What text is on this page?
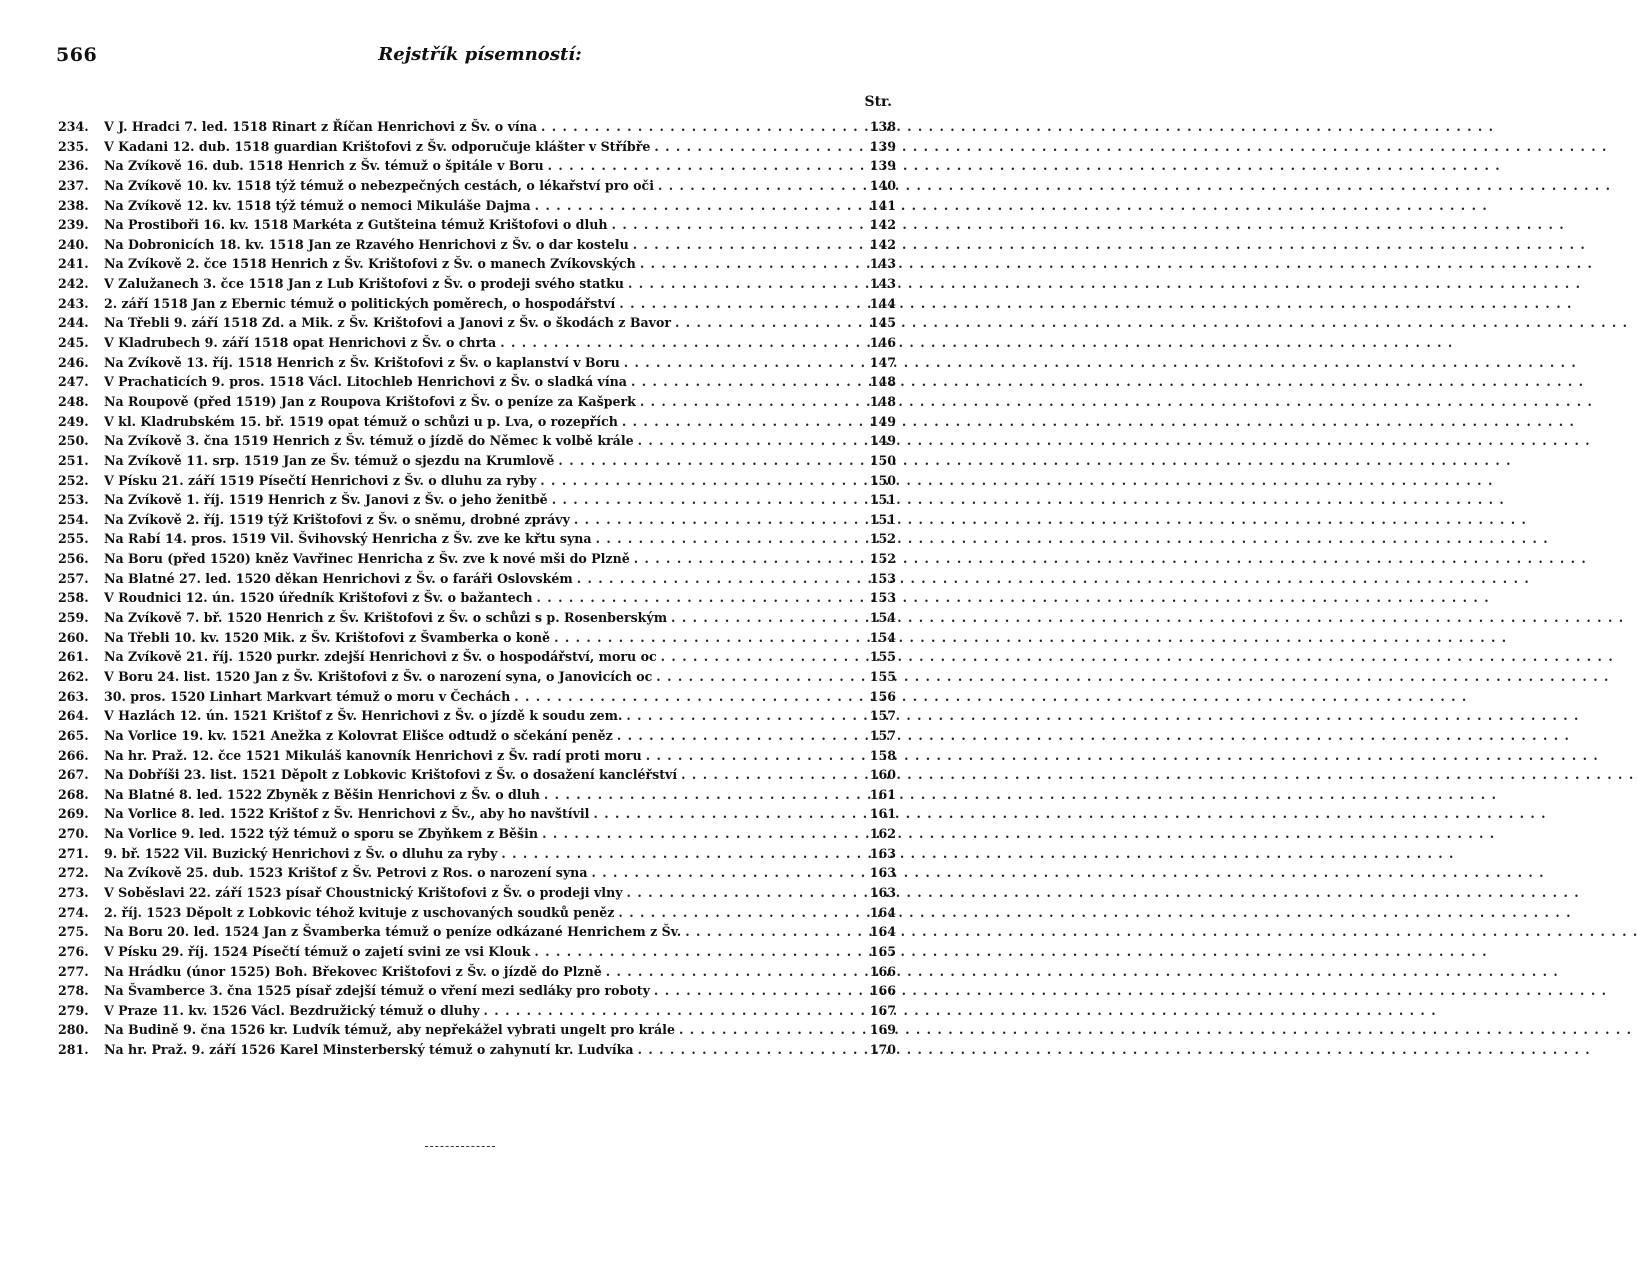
566	Rejstřík písemností:
Str.
234.	V J. Hradci 7. led. 1518 Rinart z Říčan Henrichovi z Šv. o vína . . .	138
235.	V Kadani 12. dub. 1518 guardian Krištofovi z Šv. odporučuje klášter v Stříbře . . .	139
236.	Na Zvíkově 16. dub. 1518 Henrich z Šv. témuž o špitále v Boru . . .	139
237.	Na Zvíkově 10. kv. 1518 týž témuž o nebezpečných cestách, o lékařství pro oči . . .	140
238.	Na Zvíkově 12. kv. 1518 týž témuž o nemoci Mikuláše Dajma . . .	141
239.	Na Prostiboři 16. kv. 1518 Markéta z Gutšteina témuž Krištofovi o dluh . . .	142
240.	Na Dobronicích 18. kv. 1518 Jan ze Rzavého Henrichovi z Šv. o dar kostelu . . .	142
241.	Na Zvíkově 2. čce 1518 Henrich z Šv. Krištofovi z Šv. o manech Zvíkovských . . .	143
242.	V Zalužanech 3. čce 1518 Jan z Lub Krištofovi z Šv. o prodeji svého statku . . .	143
243.	2. září 1518 Jan z Ebernic témuž o politických poměrech, o hospodářství . . .	144
244.	Na Třebli 9. září 1518 Zd. a Mik. z Šv. Krištofovi a Janovi z Šv. o škodách z Bavor . . .	145
245.	V Kladrubech 9. září 1518 opat Henrichovi z Šv. o chrta . . .	146
246.	Na Zvíkově 13. říj. 1518 Henrich z Šv. Krištofovi z Šv. o kaplanství v Boru . . .	147
247.	V Prachaticích 9. pros. 1518 Václ. Litochleb Henrichovi z Šv. o sladká vína . . .	148
248.	Na Roupově (před 1519) Jan z Roupova Krištofovi z Šv. o peníze za Kašperk . . .	148
249.	V kl. Kladrubském 15. bř. 1519 opat témuž o schůzi u p. Lva, o rozepřích . . .	149
250.	Na Zvíkově 3. čna 1519 Henrich z Šv. témuž o jízdě do Němec k volbě krále . . .	149
251.	Na Zvíkově 11. srp. 1519 Jan ze Šv. témuž o sjezdu na Krumlově . . .	150
252.	V Písku 21. září 1519 Písečtí Henrichovi z Šv. o dluhu za ryby . . .	150
253.	Na Zvíkově 1. říj. 1519 Henrich z Šv. Janovi z Šv. o jeho ženitbě . . .	151
254.	Na Zvíkově 2. říj. 1519 týž Krištofovi z Šv. o sněmu, drobné zprávy . . .	151
255.	Na Rabí 14. pros. 1519 Vil. Švihovský Henricha z Šv. zve ke křtu syna . . .	152
256.	Na Boru (před 1520) kněz Vavřinec Henricha z Šv. zve k nové mši do Plzně . . .	152
257.	Na Blatné 27. led. 1520 děkan Henrichovi z Šv. o faráři Oslovském . . .	153
258.	V Roudnici 12. ún. 1520 úředník Krištofovi z Šv. o bažantech . . .	153
259.	Na Zvíkově 7. bř. 1520 Henrich z Šv. Krištofovi z Šv. o schůzi s p. Rosenberským . . .	154
260.	Na Třebli 10. kv. 1520 Mik. z Šv. Krištofovi z Švamberka o koně . . .	154
261.	Na Zvíkově 21. říj. 1520 purkr. zdejší Henrichovi z Šv. o hospodářství, moru oc . . .	155
262.	V Boru 24. list. 1520 Jan z Šv. Krištofovi z Šv. o narození syna, o Janovicích oc . . .	155
263.	30. pros. 1520 Linhart Markvart témuž o moru v Čechách . . .	156
264.	V Hazlách 12. ún. 1521 Krištof z Šv. Henrichovi z Šv. o jízdě k soudu zem. . . .	157
265.	Na Vorlice 19. kv. 1521 Anežka z Kolovrat Elišce odtudž o sčekání peněz . . .	157
266.	Na hr. Praž. 12. čce 1521 Mikuláš kanovník Henrichovi z Šv. radí proti moru . . .	158
267.	Na Dobříši 23. list. 1521 Děpolt z Lobkovic Krištofovi z Šv. o dosažení kancléřství . . .	160
268.	Na Blatné 8. led. 1522 Zbyněk z Běšin Henrichovi z Šv. o dluh . . .	161
269.	Na Vorlice 8. led. 1522 Krištof z Šv. Henrichovi z Šv., aby ho navštívil . . .	161
270.	Na Vorlice 9. led. 1522 týž témuž o sporu se Zbyňkem z Běšin . . .	162
271.	9. bř. 1522 Vil. Buzický Henrichovi z Šv. o dluhu za ryby . . .	163
272.	Na Zvíkově 25. dub. 1523 Krištof z Šv. Petrovi z Ros. o narození syna . . .	163
273.	V Soběslavi 22. září 1523 písař Choustnický Krištofovi z Šv. o prodeji vlny . . .	163
274.	2. říj. 1523 Děpolt z Lobkovic téhož kvituje z uschovaných soudků peněz . . .	164
275.	Na Boru 20. led. 1524 Jan z Švamberka témuž o peníze odkázané Henrichem z Šv. . . .	164
276.	V Písku 29. říj. 1524 Písečtí témuž o zajetí svini ze vsi Klouk . . .	165
277.	Na Hrádku (únor 1525) Boh. Břekovec Krištofovi z Šv. o jízdě do Plzně . . .	166
278.	Na Švamberce 3. čna 1525 písař zdejší témuž o vření mezi sedláky pro roboty . . .	166
279.	V Praze 11. kv. 1526 Václ. Bezdružický témuž o dluhy . . .	167
280.	Na Budině 9. čna 1526 kr. Ludvík témuž, aby nepřekážel vybrati ungelt pro krále . . .	169
281.	Na hr. Praž. 9. září 1526 Karel Minsterberský témuž o zahynutí kr. Ludvíka . . .	170
